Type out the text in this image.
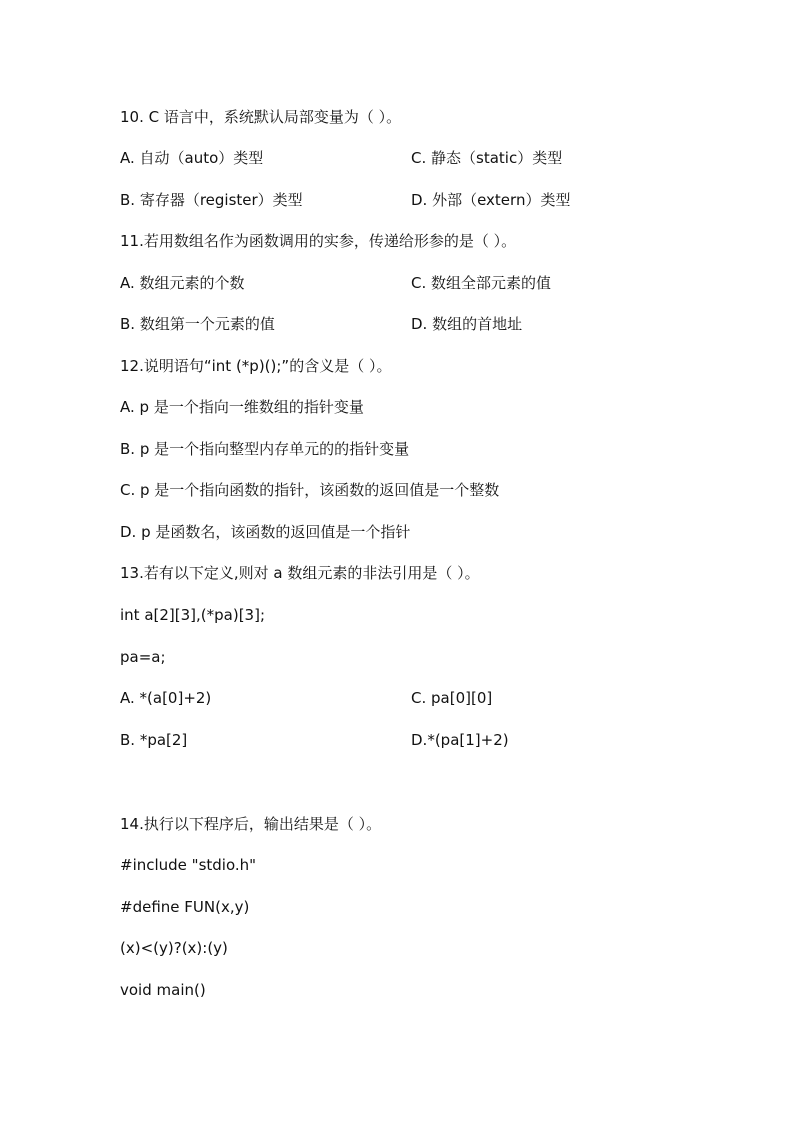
10. C 语言中，系统默认局部变量为（ ）。
A. 自动（auto）类型	C. 静态（static）类型
B. 寄存器（register）类型	D. 外部（extern）类型
11.若用数组名作为函数调用的实参，传递给形参的是（ ）。
A. 数组元素的个数	C. 数组全部元素的值
B. 数组第一个元素的值	D. 数组的首地址
12.说明语句“int (*p)();”的含义是（ ）。
A. p 是一个指向一维数组的指针变量
B. p 是一个指向整型内存单元的的指针变量
C. p 是一个指向函数的指针，该函数的返回值是一个整数
D. p 是函数名，该函数的返回值是一个指针
13.若有以下定义,则对 a 数组元素的非法引用是（ ）。
int a[2][3],(*pa)[3];
pa=a;
A. *(a[0]+2)	C. pa[0][0]
B. *pa[2]	D.*(pa[1]+2)
14.执行以下程序后，输出结果是（ ）。
#include "stdio.h"
#define FUN(x,y)
(x)<(y)?(x):(y)
void main()
